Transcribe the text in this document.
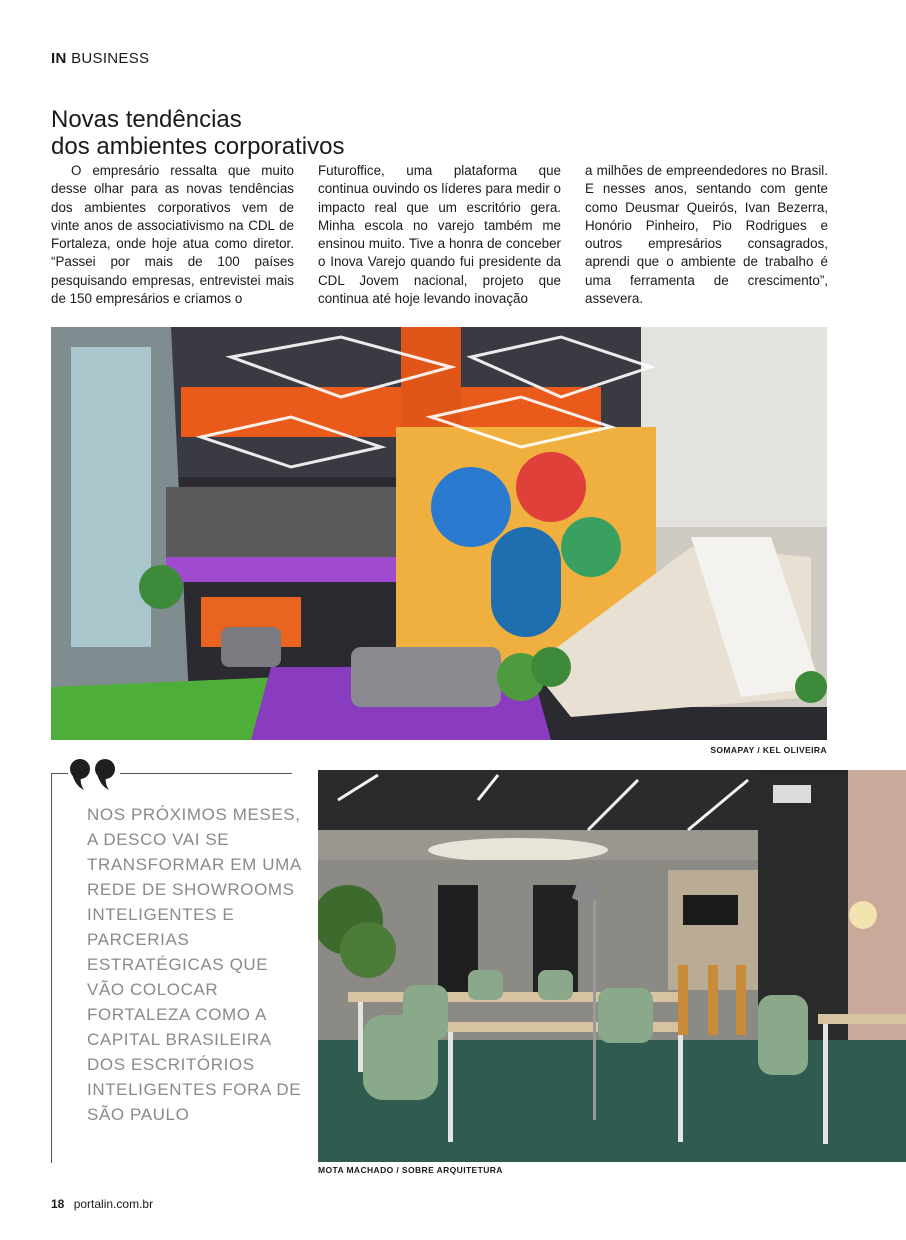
IN BUSINESS
Novas tendências
dos ambientes corporativos

O empresário ressalta que muito desse olhar para as novas tendências dos ambientes corporativos vem de vinte anos de associativismo na CDL de Fortaleza, onde hoje atua como diretor. “Passei por mais de 100 países pesquisando empresas, entrevistei mais de 150 empresários e criamos o

Futuroffice, uma plataforma que continua ouvindo os líderes para medir o impacto real que um escritório gera. Minha escola no varejo também me ensinou muito. Tive a honra de conceber o Inova Varejo quando fui presidente da CDL Jovem nacional, projeto que continua até hoje levando inovação

a milhões de empreendedores no Brasil. E nesses anos, sentando com gente como Deusmar Queirós, Ivan Bezerra, Honório Pinheiro, Pio Rodrigues e outros empresários consagrados, aprendi que o ambiente de trabalho é uma ferramenta de crescimento”, assevera.

SOMAPAY / KEL OLIVEIRA

NOS PRÓXIMOS MESES, A DESCO VAI SE TRANSFORMAR EM UMA REDE DE SHOWROOMS INTELIGENTES E PARCERIAS ESTRATÉGICAS QUE VÃO COLOCAR FORTALEZA COMO A CAPITAL BRASILEIRA DOS ESCRITÓRIOS INTELIGENTES FORA DE SÃO PAULO

MOTA MACHADO / SOBRE ARQUITETURA
18 portalin.com.br
